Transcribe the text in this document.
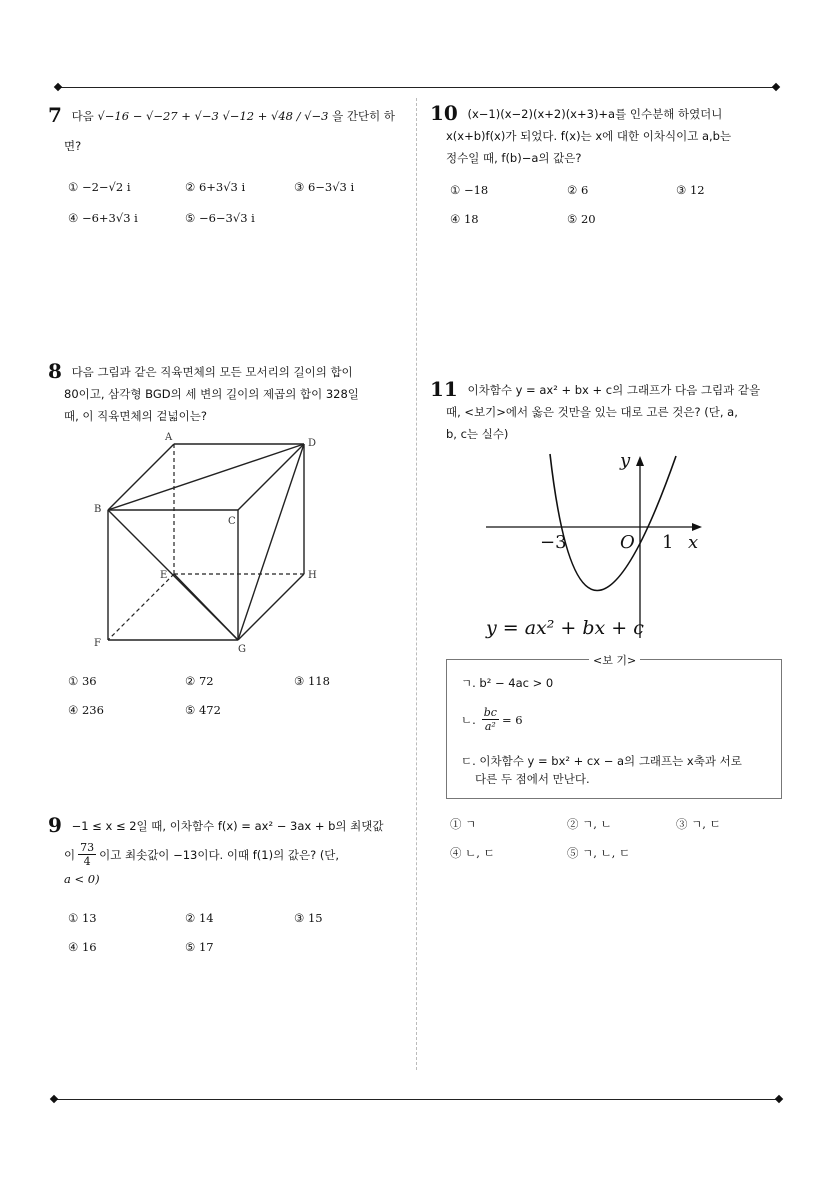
7 다음 √−16 − √−27 + √−3 √−12 + √48 / √−3 을 간단히 하
면?
① −2−√2 i	② 6+3√3 i	③ 6−3√3 i
④ −6+3√3 i	⑤ −6−3√3 i
8 다음 그림과 같은 직육면체의 모든 모서리의 길이의 합이
80이고, 삼각형 BGD의 세 변의 길이의 제곱의 합이 328일
때, 이 직육면체의 겉넓이는?
A
D
B
C
E	H
F
G
① 36	② 72	③ 118
④ 236	⑤ 472
9 −1 ≤ x ≤ 2일 때, 이차함수 f(x) = ax² − 3ax + b의 최댓값
이 $\frac{73}{4}$ 이고 최솟값이 −13이다. 이때 f(1)의 값은? (단,
a < 0)
① 13	② 14	③ 15
④ 16	⑤ 17
10 (x−1)(x−2)(x+2)(x+3)+a를 인수분해 하였더니
x(x+b)f(x)가 되었다. f(x)는 x에 대한 이차식이고 a,b는
정수일 때, f(b)−a의 값은?
① −18	② 6	③ 12
④ 18	⑤ 20
11 이차함수 y = ax² + bx + c의 그래프가 다음 그림과 같을
때, <보기>에서 옳은 것만을 있는 대로 고른 것은? (단, a,
b, c는 실수)
y
x
O
y = ax² + bx + c
−3	1
<보 기>
ㄱ. b² − 4ac > 0
ㄴ. $\frac{bc}{\text{a²}} = 6$
ㄷ. 이차함수 y = bx² + cx − a의 그래프는 x축과 서로
다른 두 점에서 만난다.
① ㄱ	② ㄱ, ㄴ	③ ㄱ, ㄷ
④ ㄴ, ㄷ	⑤ ㄱ, ㄴ, ㄷ
